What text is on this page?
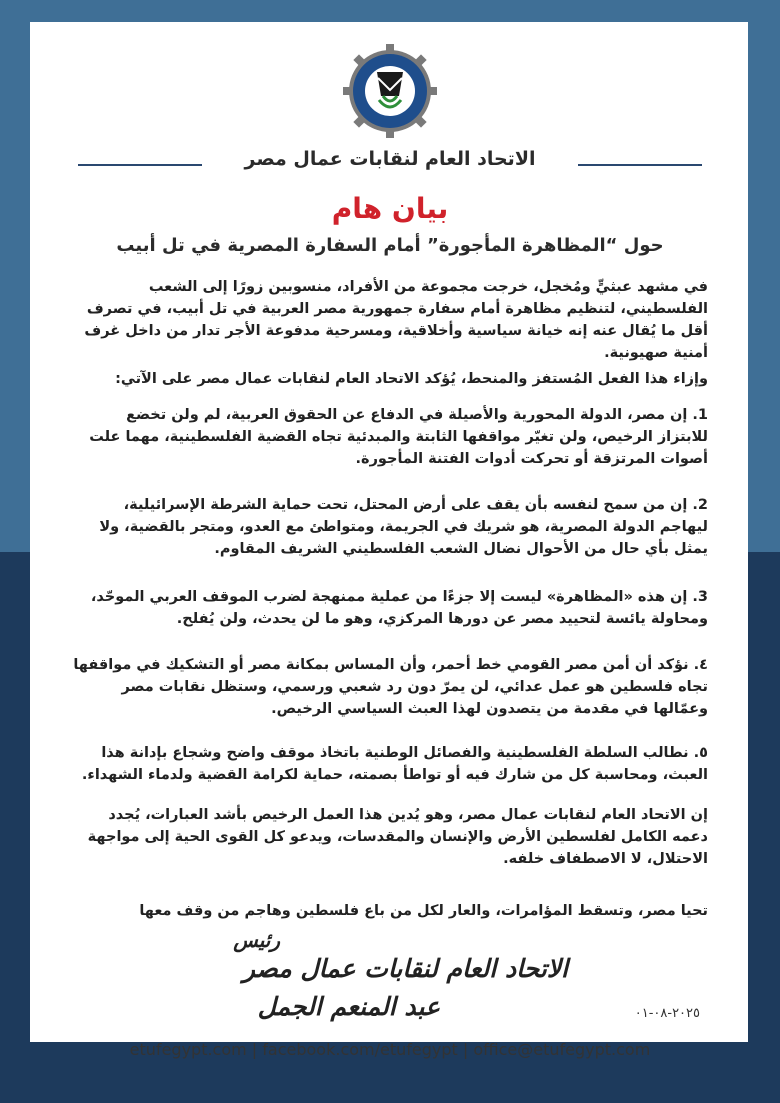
الاتحاد العام لنقابات عمال مصر
بيان هام
حول “المظاهرة المأجورة” أمام السفارة المصرية في تل أبيب

في مشهد عبثيٍّ ومُخجل، خرجت مجموعة من الأفراد، منسوبين زورًا إلى الشعب الفلسطيني، لتنظيم مظاهرة أمام سفارة جمهورية مصر العربية في تل أبيب، في تصرف أقل ما يُقال عنه إنه خيانة سياسية وأخلاقية، ومسرحية مدفوعة الأجر تدار من داخل غرف أمنية صهيونية.

وإزاء هذا الفعل المُستفز والمنحط، يُؤكد الاتحاد العام لنقابات عمال مصر على الآتي:

1. إن مصر، الدولة المحورية والأصيلة في الدفاع عن الحقوق العربية، لم ولن تخضع للابتزاز الرخيص، ولن تغيّر مواقفها الثابتة والمبدئية تجاه القضية الفلسطينية، مهما علت أصوات المرتزقة أو تحركت أدوات الفتنة المأجورة.

2. إن من سمح لنفسه بأن يقف على أرض المحتل، تحت حماية الشرطة الإسرائيلية، ليهاجم الدولة المصرية، هو شريك في الجريمة، ومتواطئ مع العدو، ومتجر بالقضية، ولا يمثل بأي حال من الأحوال نضال الشعب الفلسطيني الشريف المقاوم.

3. إن هذه «المظاهرة» ليست إلا جزءًا من عملية ممنهجة لضرب الموقف العربي الموحّد، ومحاولة يائسة لتحييد مصر عن دورها المركزي، وهو ما لن يحدث، ولن يُفلح.

٤. نؤكد أن أمن مصر القومي خط أحمر، وأن المساس بمكانة مصر أو التشكيك في مواقفها تجاه فلسطين هو عمل عدائي، لن يمرّ دون رد شعبي ورسمي، وستظل نقابات مصر وعمّالها في مقدمة من يتصدون لهذا العبث السياسي الرخيص.

٥. نطالب السلطة الفلسطينية والفصائل الوطنية باتخاذ موقف واضح وشجاع بإدانة هذا العبث، ومحاسبة كل من شارك فيه أو تواطأ بصمته، حماية لكرامة القضية ولدماء الشهداء.

إن الاتحاد العام لنقابات عمال مصر، وهو يُدين هذا العمل الرخيص بأشد العبارات، يُجدد دعمه الكامل لفلسطين الأرض والإنسان والمقدسات، ويدعو كل القوى الحية إلى مواجهة الاحتلال، لا الاصطفاف خلفه.

تحيا مصر، وتسقط المؤامرات، والعار لكل من باع فلسطين وهاجم من وقف معها

رئيس
الاتحاد العام لنقابات عمال مصر
عبد المنعم الجمل	٢٠٢٥-٠٨-٠١
etufegypt.com | facebook.com/etufegypt | office@etufegypt.com
